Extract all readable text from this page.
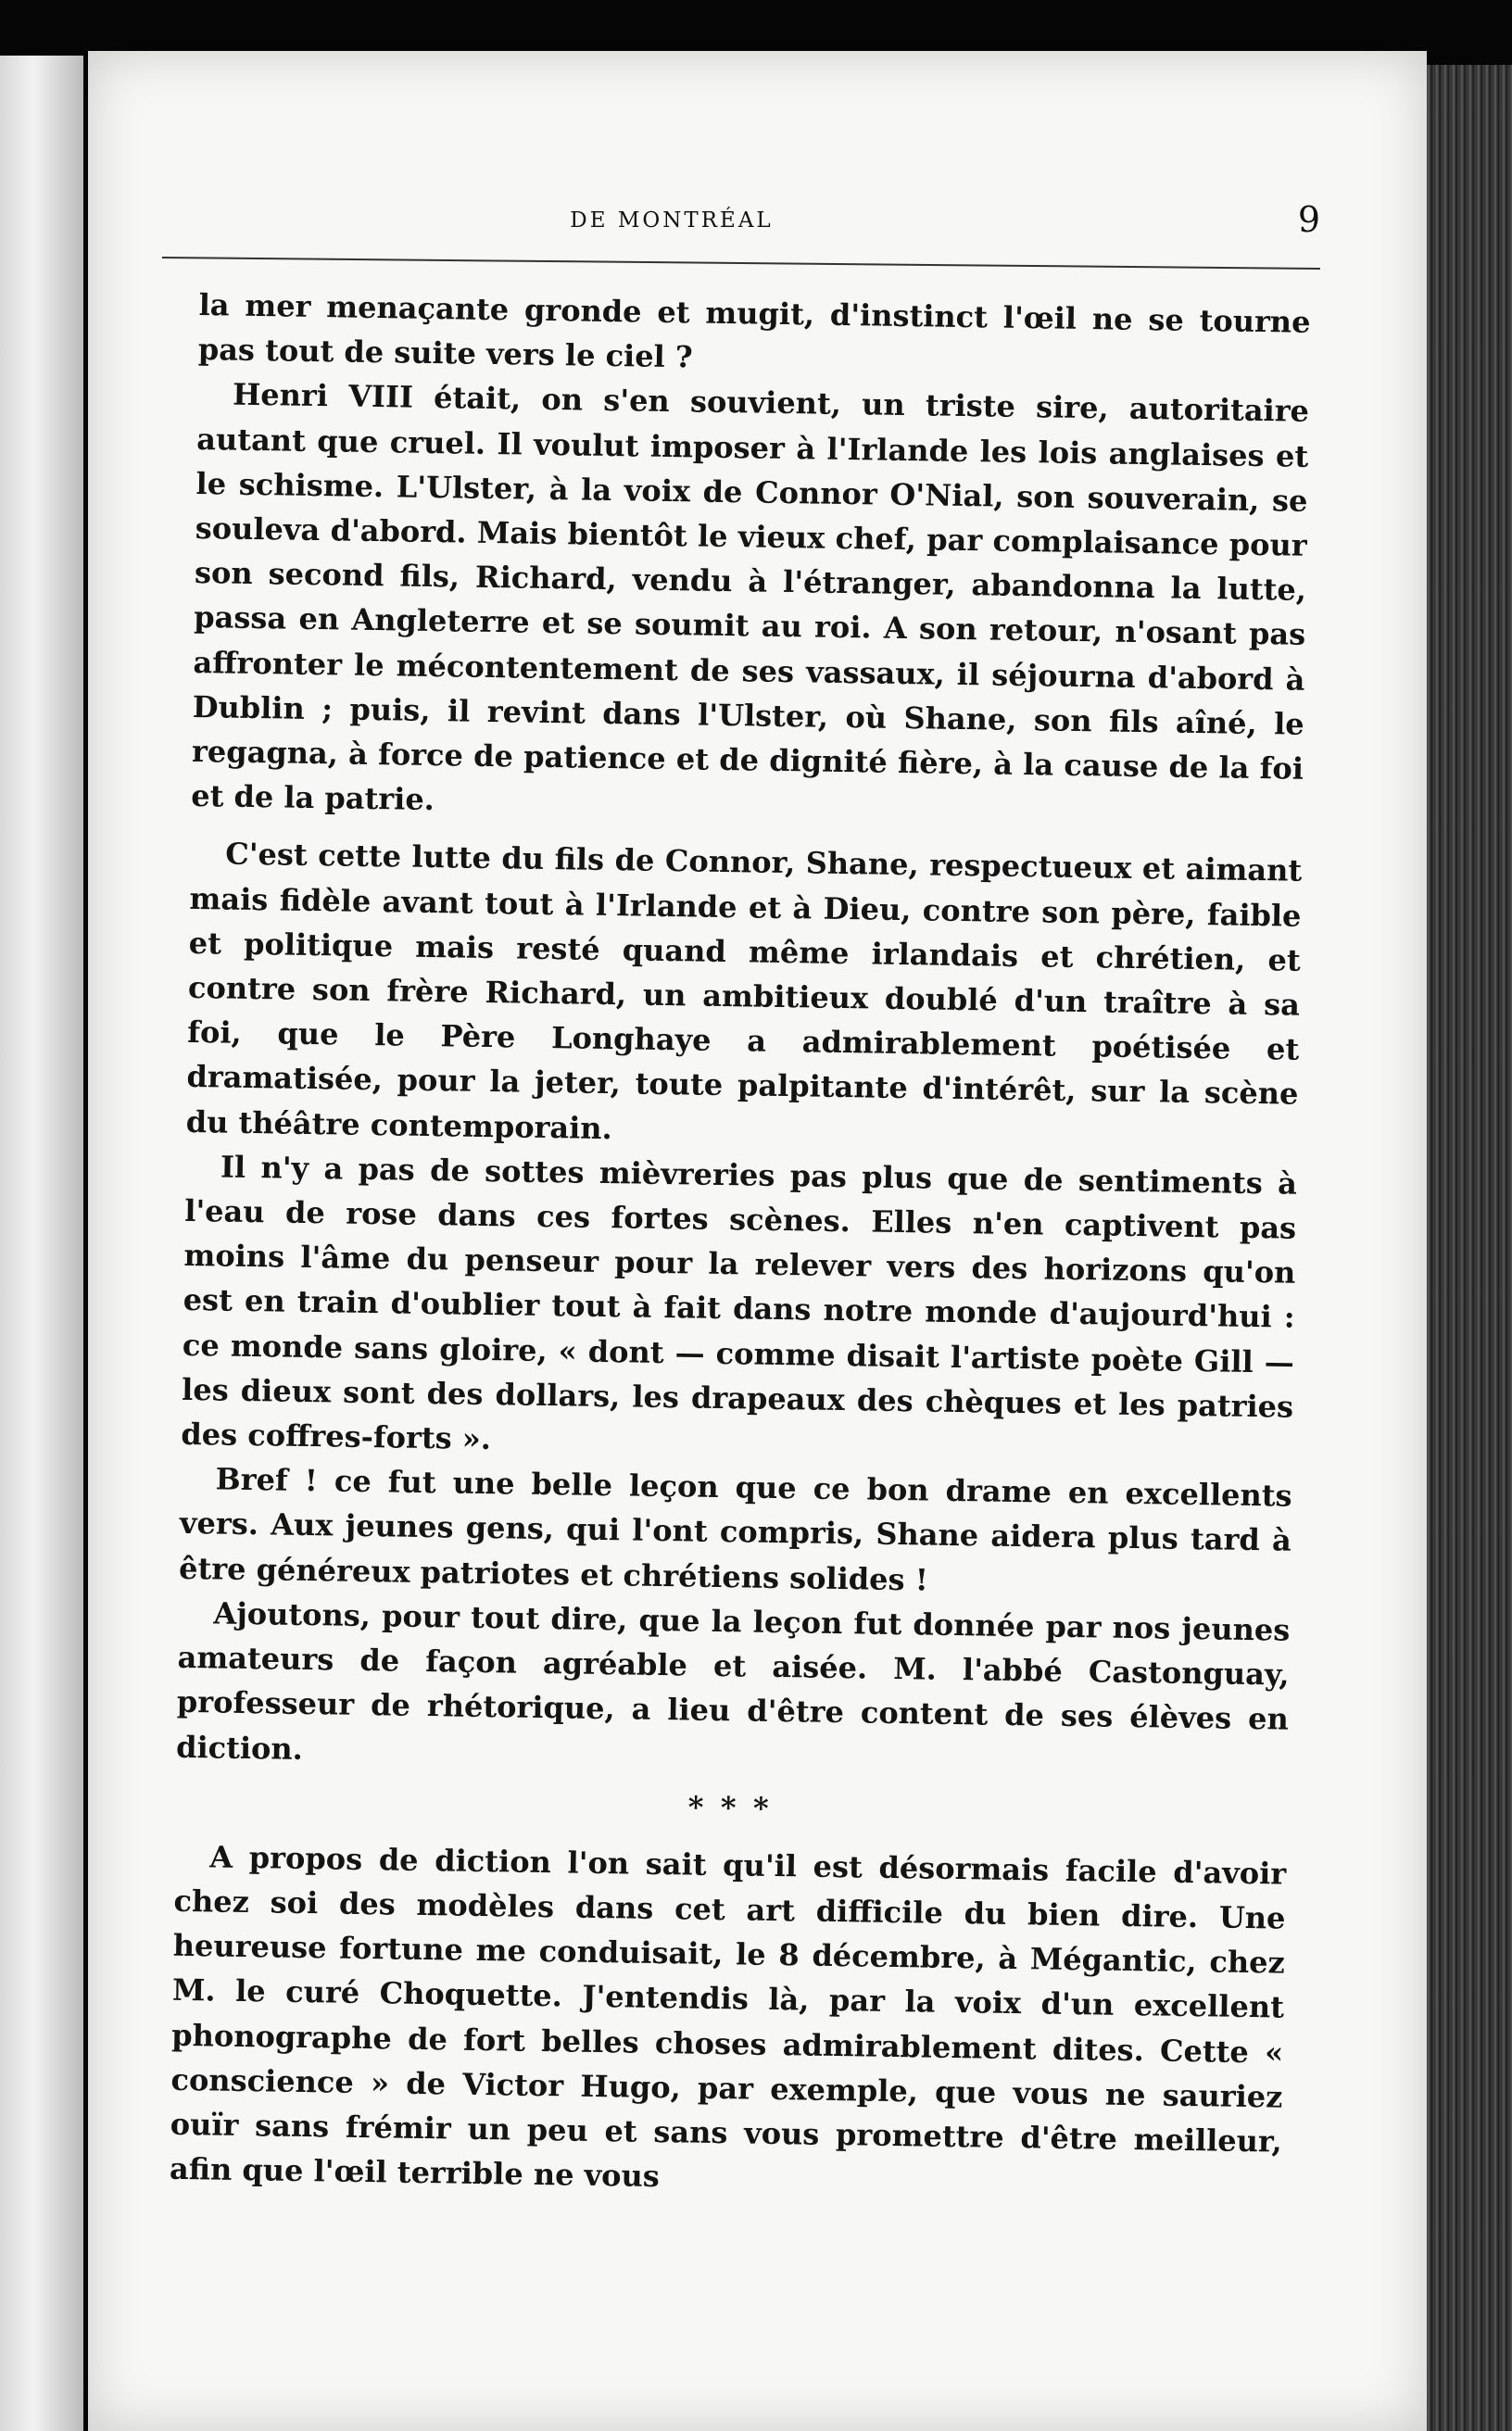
DE MONTRÉAL	9

la mer menaçante gronde et mugit, d'instinct l'œil ne se tourne pas tout de suite vers le ciel ?

Henri VIII était, on s'en souvient, un triste sire, autoritaire autant que cruel. Il voulut imposer à l'Irlande les lois anglaises et le schisme. L'Ulster, à la voix de Connor O'Nial, son souverain, se souleva d'abord. Mais bientôt le vieux chef, par complaisance pour son second fils, Richard, vendu à l'étranger, abandonna la lutte, passa en Angleterre et se soumit au roi. A son retour, n'osant pas affronter le mécontentement de ses vassaux, il séjourna d'abord à Dublin ; puis, il revint dans l'Ulster, où Shane, son fils aîné, le regagna, à force de patience et de dignité fière, à la cause de la foi et de la patrie.

C'est cette lutte du fils de Connor, Shane, respectueux et aimant mais fidèle avant tout à l'Irlande et à Dieu, contre son père, faible et politique mais resté quand même irlandais et chrétien, et contre son frère Richard, un ambitieux doublé d'un traître à sa foi, que le Père Longhaye a admirablement poétisée et dramatisée, pour la jeter, toute palpitante d'intérêt, sur la scène du théâtre contemporain.

Il n'y a pas de sottes mièvreries pas plus que de sentiments à l'eau de rose dans ces fortes scènes. Elles n'en captivent pas moins l'âme du penseur pour la relever vers des horizons qu'on est en train d'oublier tout à fait dans notre monde d'aujourd'hui : ce monde sans gloire, « dont — comme disait l'artiste poète Gill — les dieux sont des dollars, les drapeaux des chèques et les patries des coffres-forts ».

Bref ! ce fut une belle leçon que ce bon drame en excellents vers. Aux jeunes gens, qui l'ont compris, Shane aidera plus tard à être généreux patriotes et chrétiens solides !

Ajoutons, pour tout dire, que la leçon fut donnée par nos jeunes amateurs de façon agréable et aisée. M. l'abbé Castonguay, professeur de rhétorique, a lieu d'être content de ses élèves en diction.

* * *

A propos de diction l'on sait qu'il est désormais facile d'avoir chez soi des modèles dans cet art difficile du bien dire. Une heureuse fortune me conduisait, le 8 décembre, à Mégantic, chez M. le curé Choquette. J'entendis là, par la voix d'un excellent phonographe de fort belles choses admirablement dites. Cette « conscience » de Victor Hugo, par exemple, que vous ne sauriez ouïr sans frémir un peu et sans vous promettre d'être meilleur, afin que l'œil terrible ne vous
